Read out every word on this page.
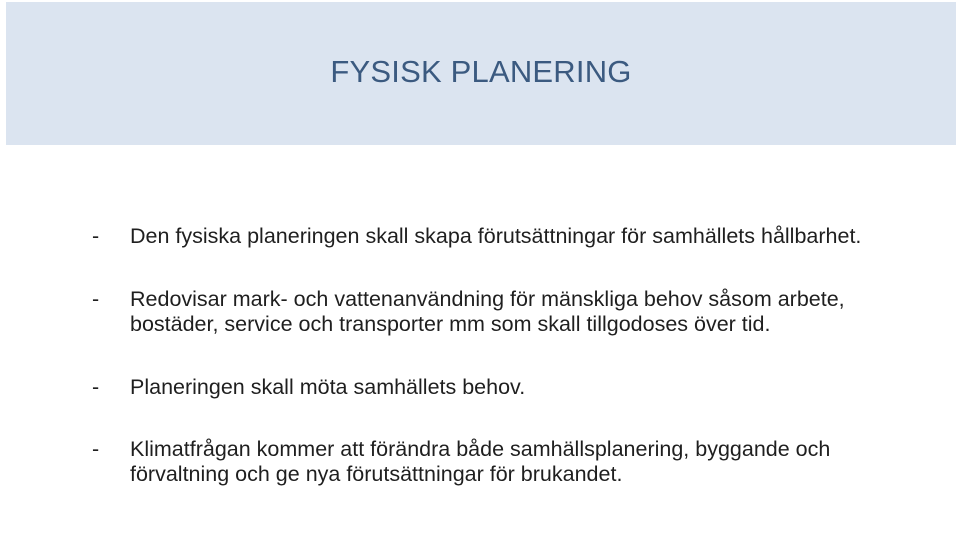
FYSISK PLANERING
- Den fysiska planeringen skall skapa förutsättningar för samhällets hållbarhet.
- Redovisar mark- och vattenanvändning för mänskliga behov såsom arbete, bostäder, service och transporter mm som skall tillgodoses över tid.
- Planeringen skall möta samhällets behov.
- Klimatfrågan kommer att förändra både samhällsplanering, byggande och förvaltning och ge nya förutsättningar för brukandet.
